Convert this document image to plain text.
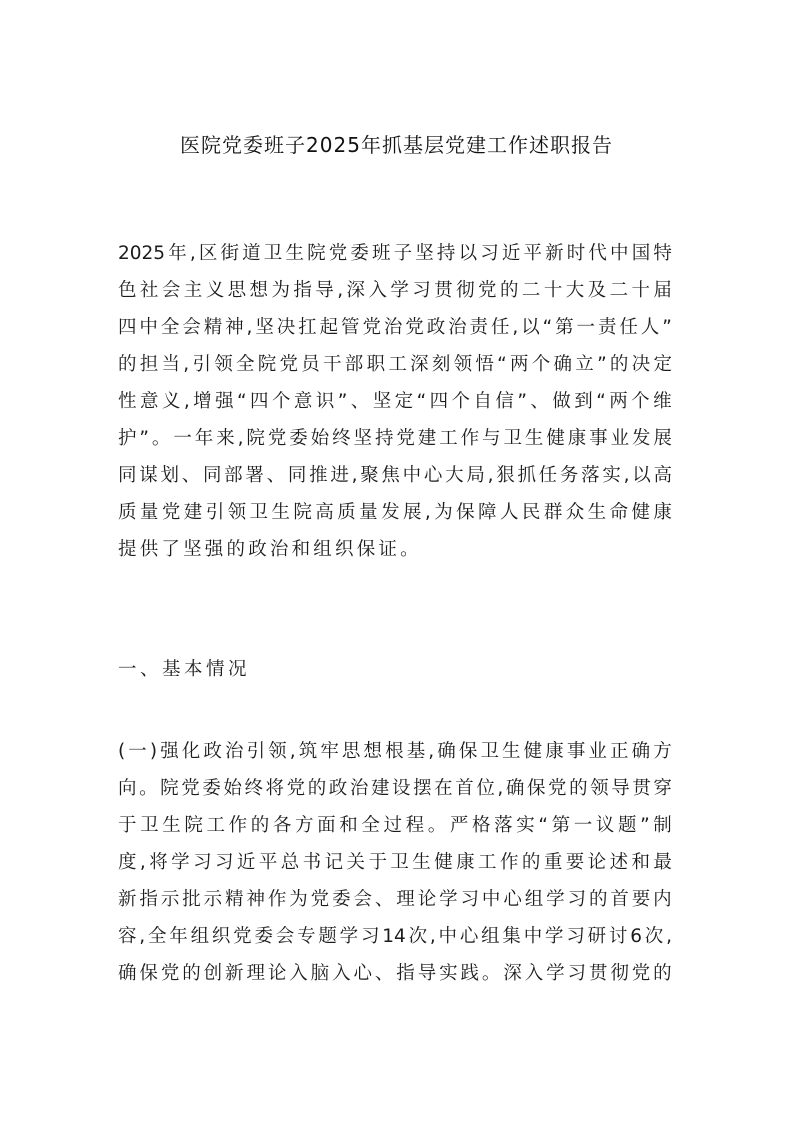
医院党委班子2025年抓基层党建工作述职报告
2025 年 , 区 街 道 卫 生 院 党 委 班 子 坚 持 以 习 近 平 新 时 代 中 国 特
色 社 会 主 义 思 想 为 指 导 , 深 入 学 习 贯 彻 党 的 二 十 大 及 二 十 届
四 中 全 会 精 神 , 坚 决 扛 起 管 党 治 党 政 治 责 任 , 以 “ 第 一 责 任 人 ”
的 担 当 , 引 领 全 院 党 员 干 部 职 工 深 刻 领 悟 “ 两 个 确 立 ” 的 决 定
性 意 义 , 增 强 “ 四 个 意 识 ” 、 坚 定 “ 四 个 自 信 ” 、 做 到 “ 两 个 维
护 ” 。 一 年 来 , 院 党 委 始 终 坚 持 党 建 工 作 与 卫 生 健 康 事 业 发 展
同 谋 划 、 同 部 署 、 同 推 进 , 聚 焦 中 心 大 局 , 狠 抓 任 务 落 实 , 以 高
质 量 党 建 引 领 卫 生 院 高 质 量 发 展 , 为 保 障 人 民 群 众 生 命 健 康
提供了坚强的政治和组织保证。
一、基本情况
( 一 ) 强 化 政 治 引 领 , 筑 牢 思 想 根 基 , 确 保 卫 生 健 康 事 业 正 确 方
向 。 院 党 委 始 终 将 党 的 政 治 建 设 摆 在 首 位 , 确 保 党 的 领 导 贯 穿
于 卫 生 院 工 作 的 各 方 面 和 全 过 程 。 严 格 落 实 “ 第 一 议 题 ” 制
度 , 将 学 习 习 近 平 总 书 记 关 于 卫 生 健 康 工 作 的 重 要 论 述 和 最
新 指 示 批 示 精 神 作 为 党 委 会 、 理 论 学 习 中 心 组 学 习 的 首 要 内
容 , 全 年 组 织 党 委 会 专 题 学 习 14 次 , 中 心 组 集 中 学 习 研 讨 6 次 ,
确 保 党 的 创 新 理 论 入 脑 入 心 、 指 导 实 践 。 深 入 学 习 贯 彻 党 的
